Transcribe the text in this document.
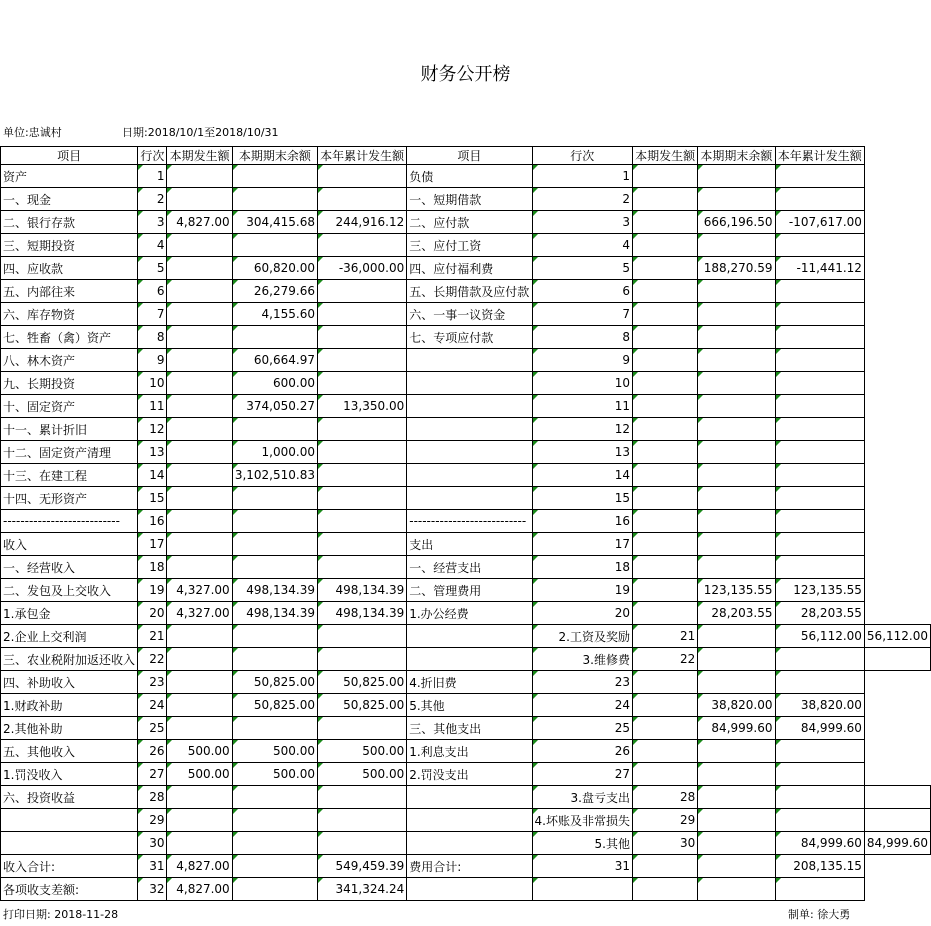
财务公开榜
单位:忠诚村	日期:2018/10/1至2018/10/31
项目	行次	本期发生额	本期期末余额	本年累计发生额	项目	行次	本期发生额	本期期末余额	本年累计发生额	
资产	1				负债	1				
一、现金	2				一、短期借款	2				
二、银行存款	3	4,827.00	304,415.68	244,916.12	二、应付款	3		666,196.50	-107,617.00	
三、短期投资	4				三、应付工资	4				
四、应收款	5		60,820.00	-36,000.00	四、应付福利费	5		188,270.59	-11,441.12	
五、内部往来	6		26,279.66		五、长期借款及应付款	6				
六、库存物资	7		4,155.60		六、一事一议资金	7				
七、牲畜（禽）资产	8				七、专项应付款	8				
八、林木资产	9		60,664.97			9				
九、长期投资	10		600.00			10				
十、固定资产	11		374,050.27	13,350.00		11				
十一、累计折旧	12					12				
十二、固定资产清理	13		1,000.00			13				
十三、在建工程	14		3,102,510.83			14				
十四、无形资产	15					15				
---------------------------	16				---------------------------	16				
收入	17				支出	17				
一、经营收入	18				一、经营支出	18				
二、发包及上交收入	19	4,327.00	498,134.39	498,134.39	二、管理费用	19		123,135.55	123,135.55	
1.承包金	20	4,327.00	498,134.39	498,134.39	1.办公经费	20		28,203.55	28,203.55	
2.企业上交利润	21					2.工资及奖励	21		56,112.00	56,112.00
三、农业税附加返还收入	22					3.维修费	22			
四、补助收入	23		50,825.00	50,825.00	4.折旧费	23				
1.财政补助	24		50,825.00	50,825.00	5.其他	24		38,820.00	38,820.00	
2.其他补助	25				三、其他支出	25		84,999.60	84,999.60	
五、其他收入	26	500.00	500.00	500.00	1.利息支出	26				
1.罚没收入	27	500.00	500.00	500.00	2.罚没支出	27				
六、投资收益	28					3.盘亏支出	28			
	29					4.坏账及非常损失	29			
	30					5.其他	30		84,999.60	84,999.60
收入合计:	31	4,827.00		549,459.39	费用合计:	31			208,135.15	
各项收支差额:	32	4,827.00		341,324.24						
打印日期: 2018-11-28	制单: 徐大勇
